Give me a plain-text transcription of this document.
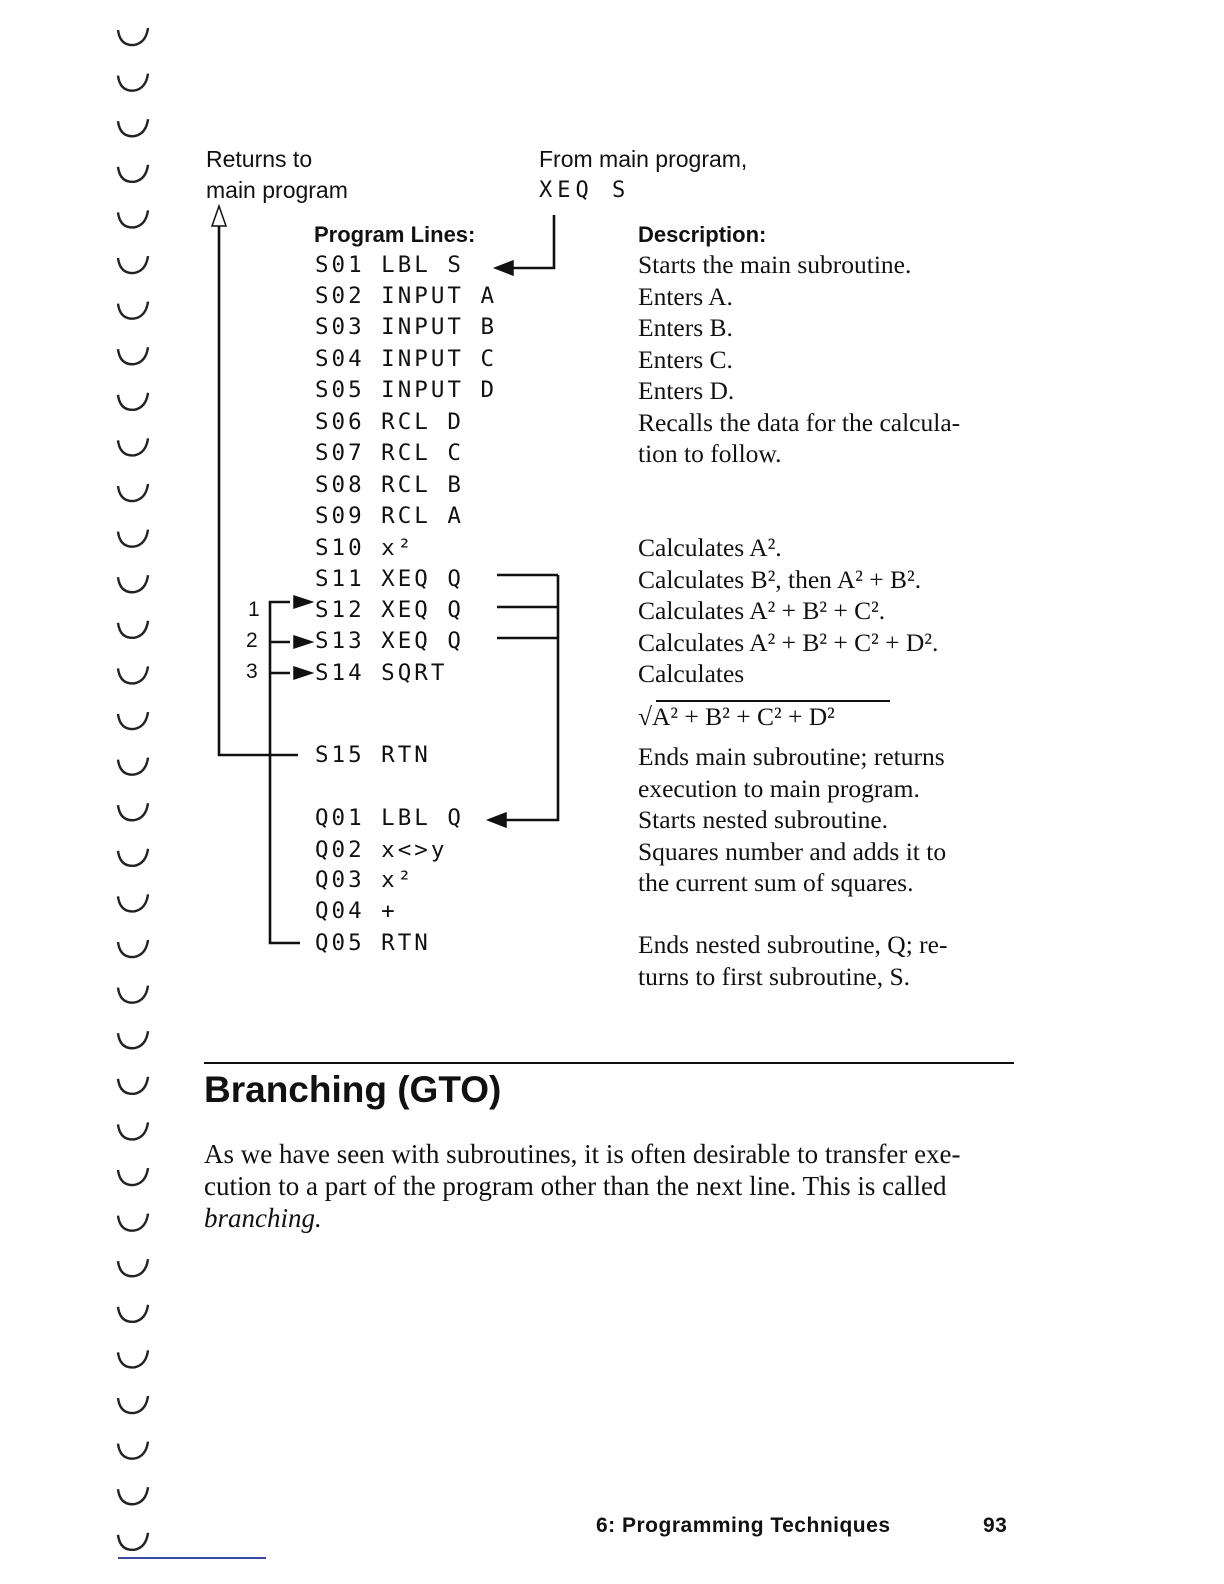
Returns to
main program
From main program,
XEQ S
Program Lines:	Description:
S01 LBL S
S02 INPUT A
S03 INPUT B
S04 INPUT C
S05 INPUT D
S06 RCL D
S07 RCL C
S08 RCL B
S09 RCL A
S10 x²
S11 XEQ Q
S12 XEQ Q
S13 XEQ Q
S14 SQRT
S15 RTN
Q01 LBL Q
Q02 x<>y
Q03 x²
Q04 +
Q05 RTN
1
2
3
Starts the main subroutine.
Enters A.
Enters B.
Enters C.
Enters D.
Recalls the data for the calcula-
tion to follow.
Calculates A².
Calculates B², then A² + B².
Calculates A² + B² + C².
Calculates A² + B² + C² + D².
Calculates
√A² + B² + C² + D²
Ends main subroutine; returns
execution to main program.
Starts nested subroutine.
Squares number and adds it to
the current sum of squares.
Ends nested subroutine, Q; re-
turns to first subroutine, S.
Branching (GTO)
As we have seen with subroutines, it is often desirable to transfer exe-
cution to a part of the program other than the next line. This is called
branching.
6: Programming Techniques	93
